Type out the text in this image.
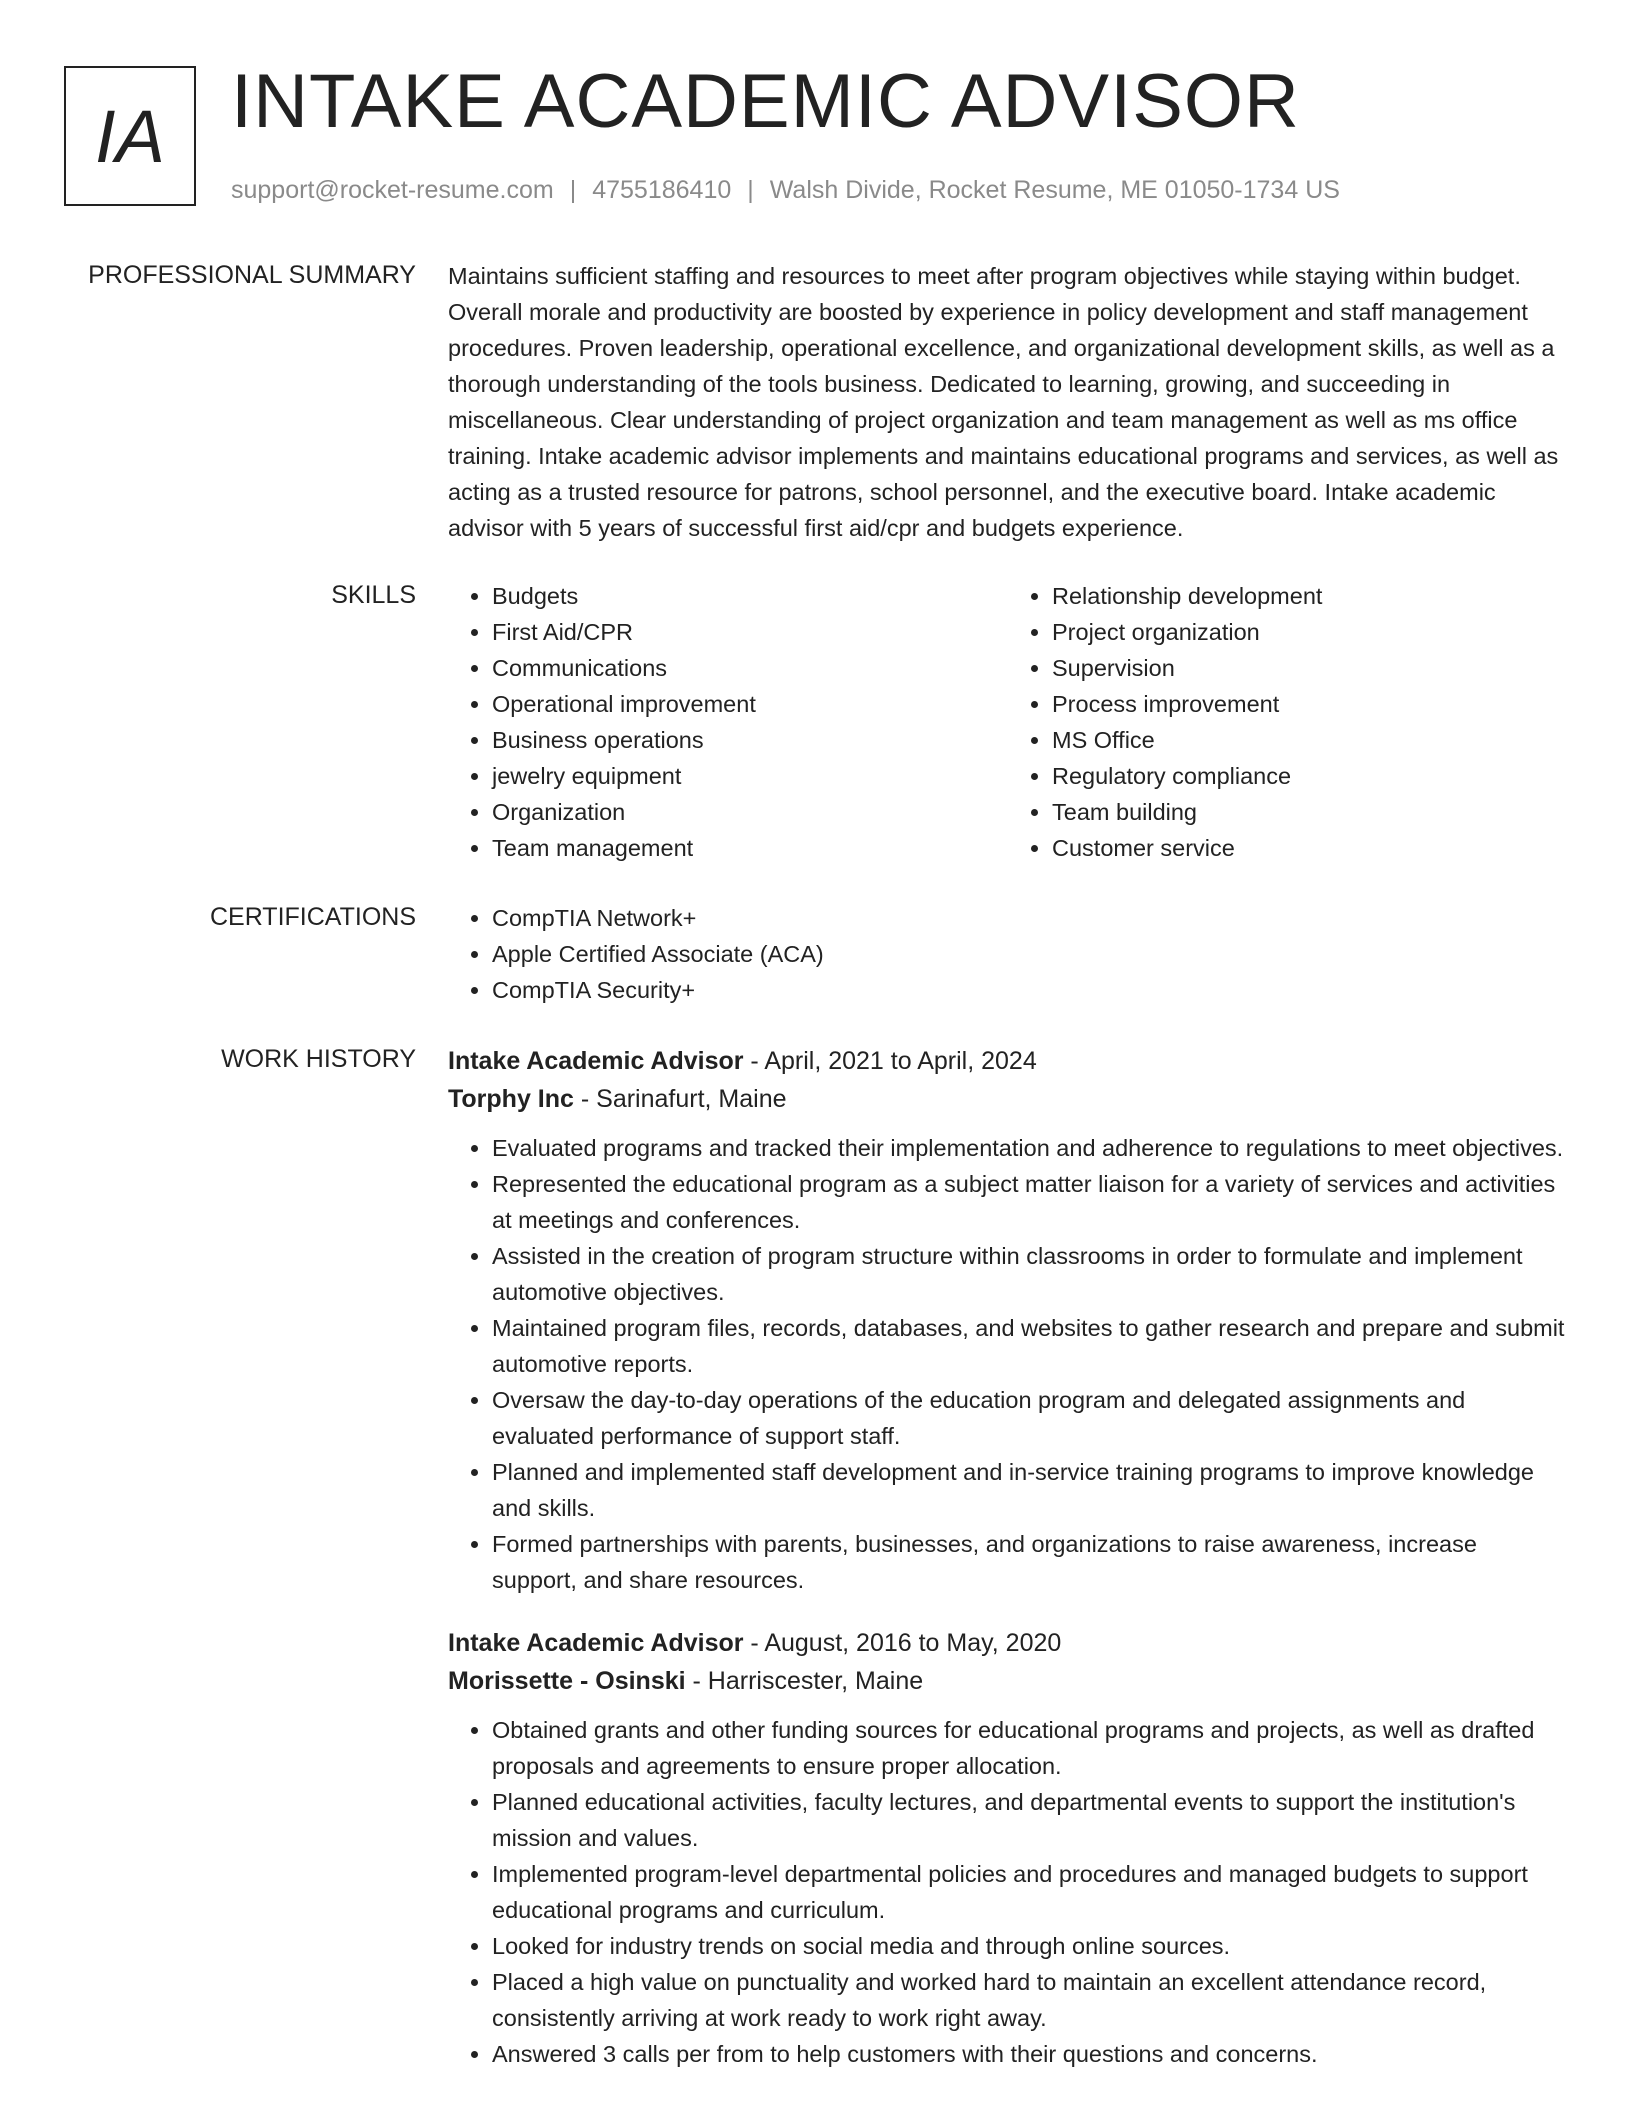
IA INTAKE ACADEMIC ADVISOR
support@rocket-resume.com | 4755186410 | Walsh Divide, Rocket Resume, ME 01050-1734 US
PROFESSIONAL SUMMARY Maintains sufficient staffing and resources to meet after program objectives while staying within budget. Overall morale and productivity are boosted by experience in policy development and staff management procedures. Proven leadership, operational excellence, and organizational development skills, as well as a thorough understanding of the tools business. Dedicated to learning, growing, and succeeding in miscellaneous. Clear understanding of project organization and team management as well as ms office training. Intake academic advisor implements and maintains educational programs and services, as well as acting as a trusted resource for patrons, school personnel, and the executive board. Intake academic advisor with 5 years of successful first aid/cpr and budgets experience.

SKILLS	• Budgets
• First Aid/CPR
• Communications
• Operational improvement
• Business operations
• jewelry equipment
• Organization
• Team management
• Relationship development
• Project organization
• Supervision
• Process improvement
• MS Office
• Regulatory compliance
• Team building
• Customer service
CERTIFICATIONS	• CompTIA Network+
• Apple Certified Associate (ACA)
• CompTIA Security+
WORK HISTORY Intake Academic Advisor - April, 2021 to April, 2024
Torphy Inc - Sarinafurt, Maine
• Evaluated programs and tracked their implementation and adherence to regulations to meet objectives.
• Represented the educational program as a subject matter liaison for a variety of services and activities at meetings and conferences.
• Assisted in the creation of program structure within classrooms in order to formulate and implement automotive objectives.
• Maintained program files, records, databases, and websites to gather research and prepare and submit automotive reports.
• Oversaw the day-to-day operations of the education program and delegated assignments and evaluated performance of support staff.
• Planned and implemented staff development and in-service training programs to improve knowledge and skills.
• Formed partnerships with parents, businesses, and organizations to raise awareness, increase support, and share resources.
Intake Academic Advisor - August, 2016 to May, 2020
Morissette - Osinski - Harriscester, Maine
• Obtained grants and other funding sources for educational programs and projects, as well as drafted proposals and agreements to ensure proper allocation.
• Planned educational activities, faculty lectures, and departmental events to support the institution's mission and values.
• Implemented program-level departmental policies and procedures and managed budgets to support educational programs and curriculum.
• Looked for industry trends on social media and through online sources.
• Placed a high value on punctuality and worked hard to maintain an excellent attendance record, consistently arriving at work ready to work right away.
• Answered 3 calls per from to help customers with their questions and concerns.
